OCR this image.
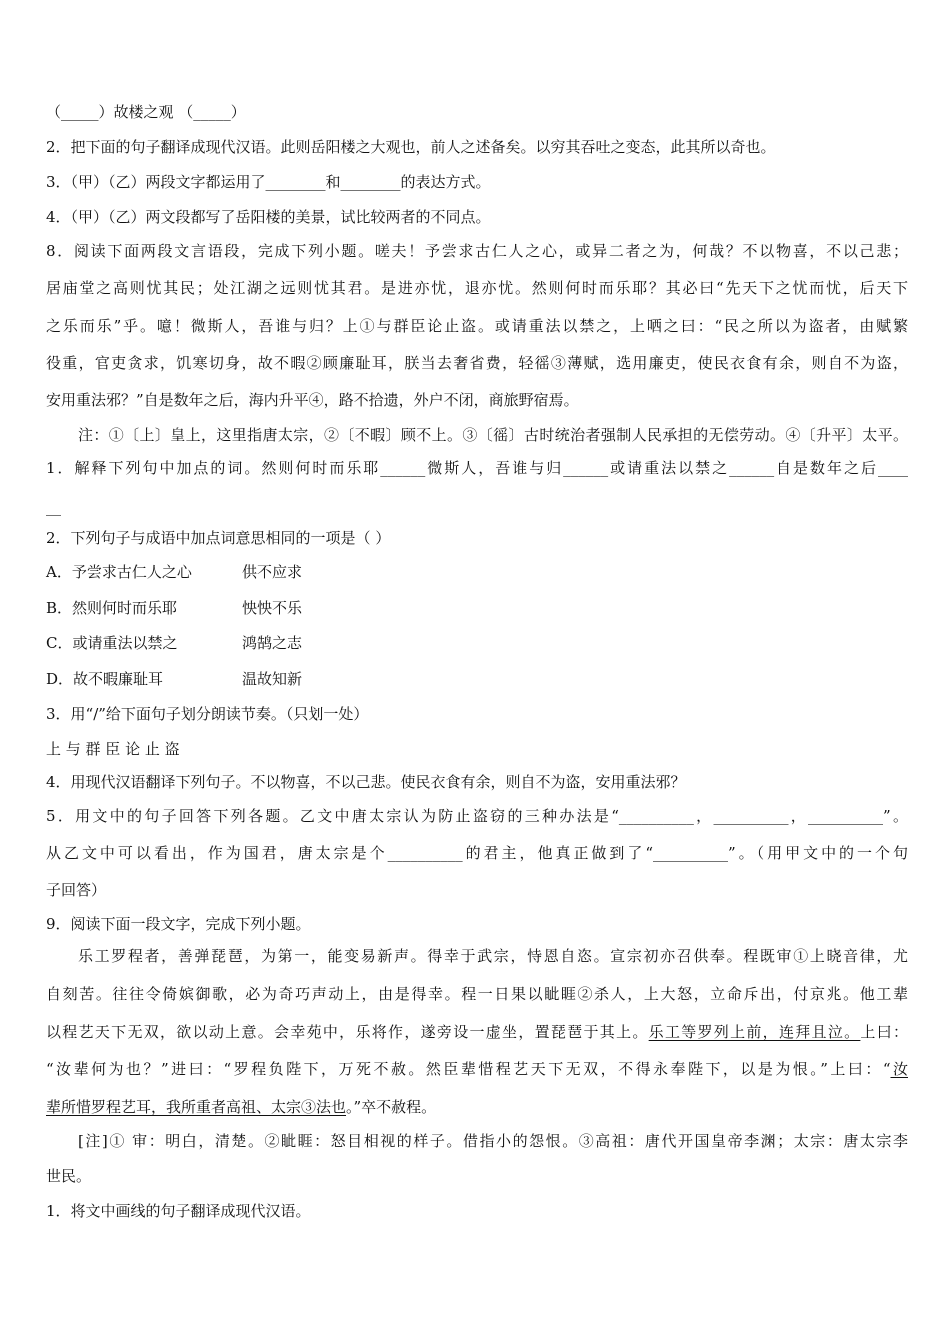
（_____）故楼之观 （_____）
2．把下面的句子翻译成现代汉语。此则岳阳楼之大观也，前人之述备矣。以穷其吞吐之变态，此其所以奇也。
3．（甲）（乙）两段文字都运用了________和________的表达方式。
4．（甲）（乙）两文段都写了岳阳楼的美景，试比较两者的不同点。
8．阅读下面两段文言语段，完成下列小题。嗟夫！予尝求古仁人之心，或异二者之为，何哉？不以物喜，不以己悲；
居庙堂之高则忧其民；处江湖之远则忧其君。是进亦忧，退亦忧。然则何时而乐耶？其必曰“先天下之忧而忧，后天下
之乐而乐”乎。噫！微斯人，吾谁与归？上①与群臣论止盗。或请重法以禁之，上哂之曰：“民之所以为盗者，由赋繁
役重，官吏贪求，饥寒切身，故不暇②顾廉耻耳，朕当去奢省费，轻徭③薄赋，选用廉吏，使民衣食有余，则自不为盗，
安用重法邪？”自是数年之后，海内升平④，路不拾遗，外户不闭，商旅野宿焉。
注：①〔上〕皇上，这里指唐太宗，②〔不暇〕顾不上。③〔徭〕古时统治者强制人民承担的无偿劳动。④〔升平〕太平。
1．解释下列句中加点的词。然则何时而乐耶______微斯人，吾谁与归______或请重法以禁之______自是数年之后____
__
2．下列句子与成语中加点词意思相同的一项是（ ）
A．予尝求古仁人之心	供不应求
B．然则何时而乐耶	怏怏不乐
C．或请重法以禁之	鸿鹄之志
D．故不暇廉耻耳	温故知新
3．用“/”给下面句子划分朗读节奏。（只划一处）
上 与 群 臣 论 止 盗
4．用现代汉语翻译下列句子。不以物喜，不以己悲。使民衣食有余，则自不为盗，安用重法邪？
5．用文中的句子回答下列各题。乙文中唐太宗认为防止盗窃的三种办法是“__________，__________，__________”。
从乙文中可以看出，作为国君，唐太宗是个__________的君主，他真正做到了“__________”。（用甲文中的一个句
子回答）
9．阅读下面一段文字，完成下列小题。
乐工罗程者，善弹琵琶，为第一，能变易新声。得幸于武宗，恃恩自恣。宣宗初亦召供奉。程既审①上晓音律，尤
自刻苦。往往令倚嫔御歌，必为奇巧声动上，由是得幸。程一日果以眦睚②杀人，上大怒，立命斥出，付京兆。他工辈
以程艺天下无双，欲以动上意。会幸苑中，乐将作，遂旁设一虚坐，置琵琶于其上。乐工等罗列上前，连拜且泣。上曰：
“汝辈何为也？”进曰：“罗程负陛下，万死不赦。然臣辈惜程艺天下无双，不得永奉陛下，以是为恨。”上曰：“汝
辈所惜罗程艺耳，我所重者高祖、太宗③法也。”卒不赦程。
[注]① 审：明白，清楚。②眦睚：怒目相视的样子。借指小的怨恨。③高祖：唐代开国皇帝李渊；太宗：唐太宗李
世民。
1．将文中画线的句子翻译成现代汉语。
